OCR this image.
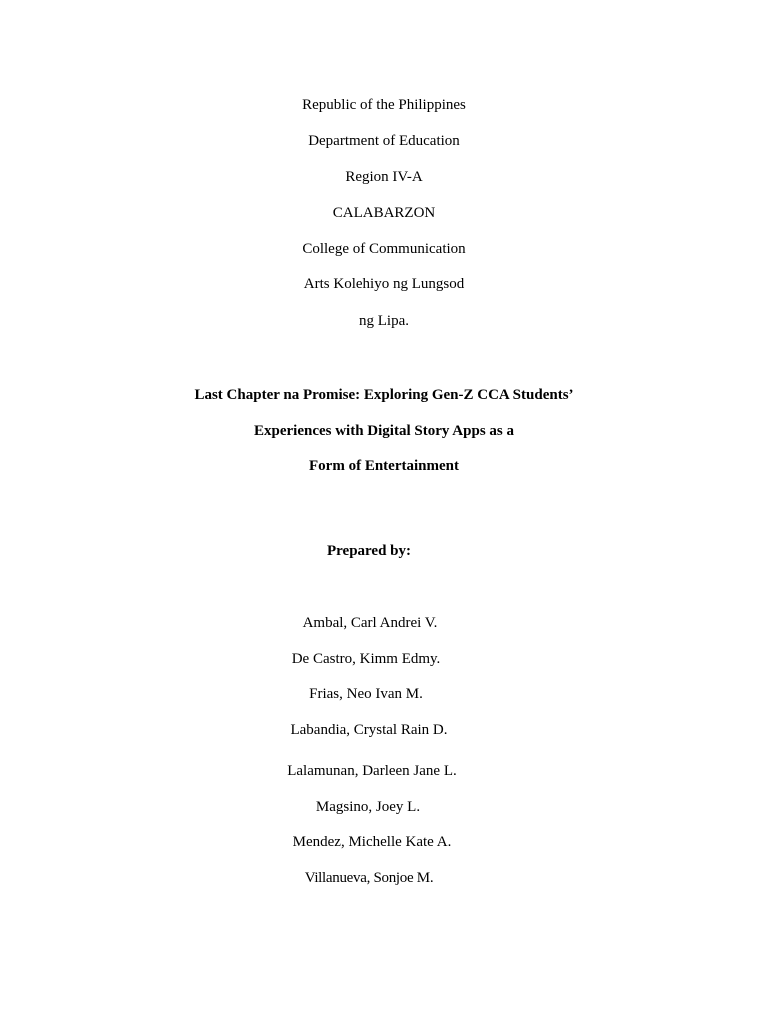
Republic of the Philippines
Department of Education
Region IV-A
CALABARZON
College of Communication
Arts Kolehiyo ng Lungsod
ng Lipa.
Last Chapter na Promise: Exploring Gen-Z CCA Students’
Experiences with Digital Story Apps as a
Form of Entertainment
Prepared by:
Ambal, Carl Andrei V.
De Castro, Kimm Edmy.
Frias, Neo Ivan M.
Labandia, Crystal Rain D.
Lalamunan, Darleen Jane L.
Magsino, Joey L.
Mendez, Michelle Kate A.
Villanueva, Sonjoe M.
